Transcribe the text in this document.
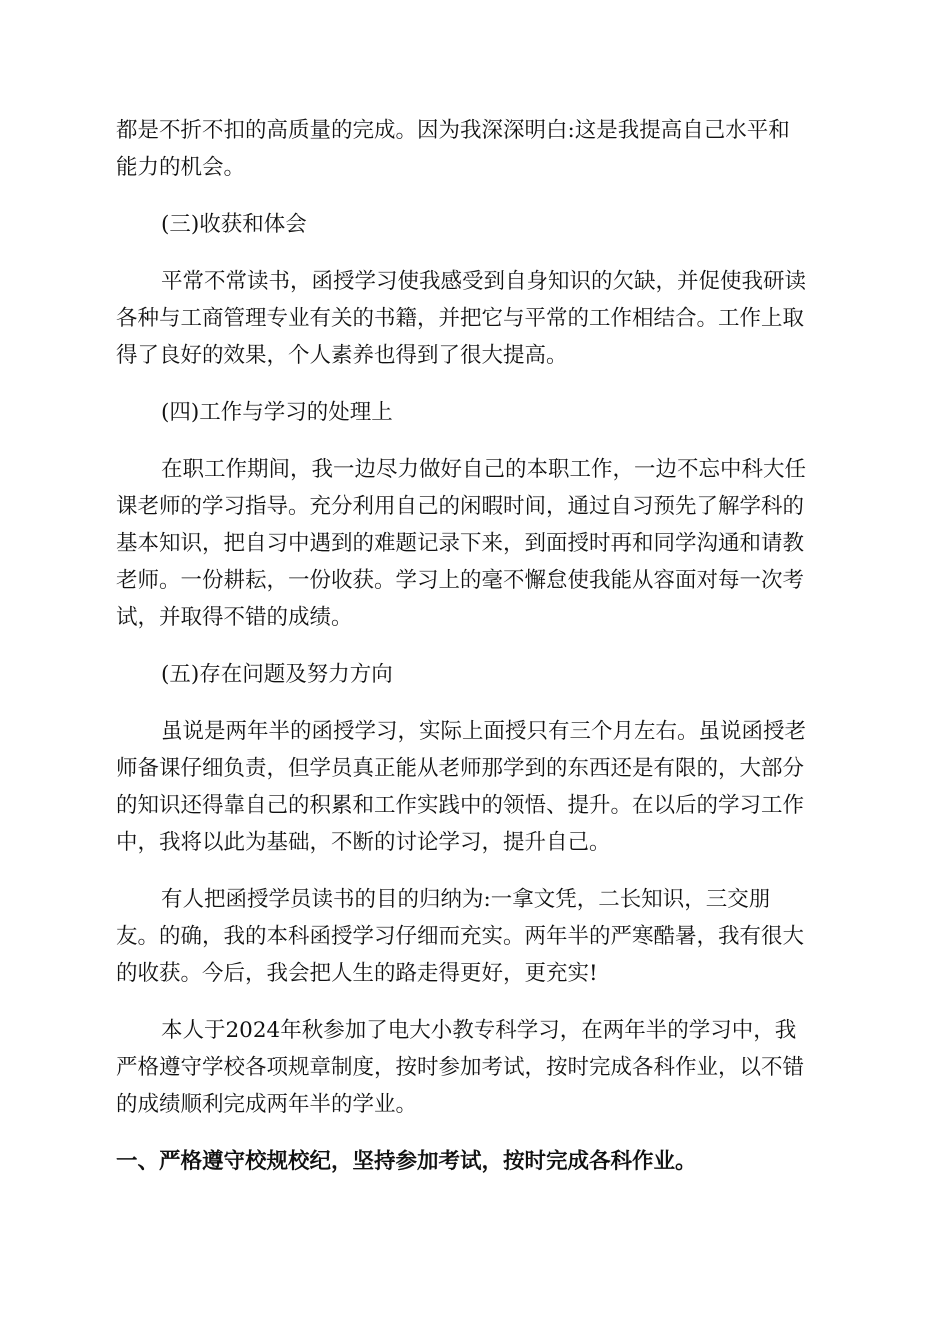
都是不折不扣的高质量的完成。因为我深深明白:这是我提高自己水平和
能力的机会。

(三)收获和体会

平常不常读书，函授学习使我感受到自身知识的欠缺，并促使我研读
各种与工商管理专业有关的书籍，并把它与平常的工作相结合。工作上取
得了良好的效果，个人素养也得到了很大提高。

(四)工作与学习的处理上

在职工作期间，我一边尽力做好自己的本职工作，一边不忘中科大任
课老师的学习指导。充分利用自己的闲暇时间，通过自习预先了解学科的
基本知识，把自习中遇到的难题记录下来，到面授时再和同学沟通和请教
老师。一份耕耘，一份收获。学习上的毫不懈怠使我能从容面对每一次考
试，并取得不错的成绩。

(五)存在问题及努力方向

虽说是两年半的函授学习，实际上面授只有三个月左右。虽说函授老
师备课仔细负责，但学员真正能从老师那学到的东西还是有限的，大部分
的知识还得靠自己的积累和工作实践中的领悟、提升。在以后的学习工作
中，我将以此为基础，不断的讨论学习，提升自己。

有人把函授学员读书的目的归纳为:一拿文凭，二长知识，三交朋
友。的确，我的本科函授学习仔细而充实。两年半的严寒酷暑，我有很大
的收获。今后，我会把人生的路走得更好，更充实!

本人于2024年秋参加了电大小教专科学习，在两年半的学习中，我
严格遵守学校各项规章制度，按时参加考试，按时完成各科作业，以不错
的成绩顺利完成两年半的学业。

一、严格遵守校规校纪，坚持参加考试，按时完成各科作业。
